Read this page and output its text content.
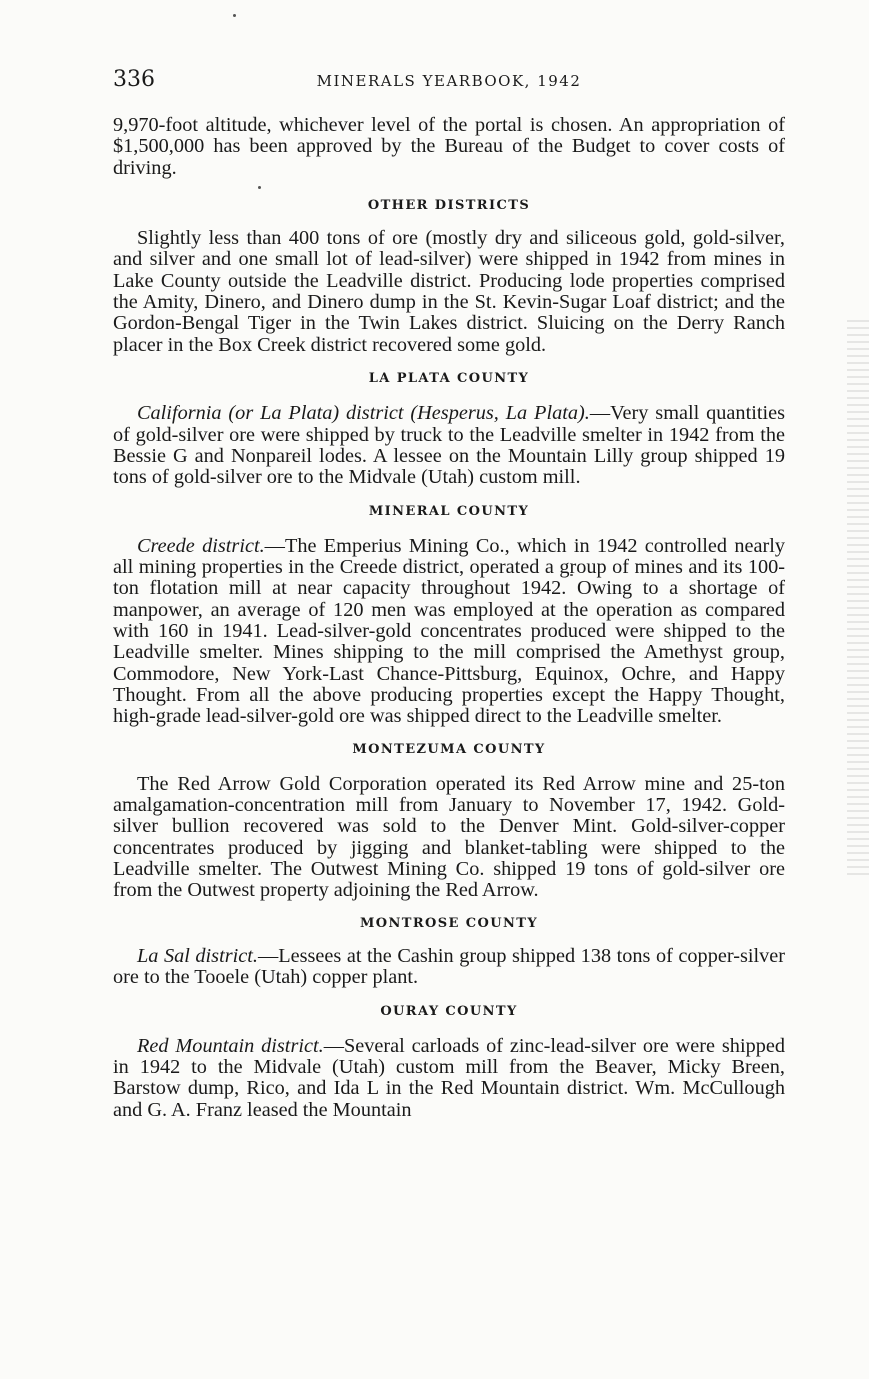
336	MINERALS YEARBOOK, 1942

9,970-foot altitude, whichever level of the portal is chosen. An appropriation of $1,500,000 has been approved by the Bureau of the Budget to cover costs of driving.

OTHER DISTRICTS

Slightly less than 400 tons of ore (mostly dry and siliceous gold, gold-silver, and silver and one small lot of lead-silver) were shipped in 1942 from mines in Lake County outside the Leadville district. Producing lode properties comprised the Amity, Dinero, and Dinero dump in the St. Kevin-Sugar Loaf district; and the Gordon-Bengal Tiger in the Twin Lakes district. Sluicing on the Derry Ranch placer in the Box Creek district recovered some gold.

LA PLATA COUNTY

California (or La Plata) district (Hesperus, La Plata).—Very small quantities of gold-silver ore were shipped by truck to the Leadville smelter in 1942 from the Bessie G and Nonpareil lodes. A lessee on the Mountain Lilly group shipped 19 tons of gold-silver ore to the Midvale (Utah) custom mill.

MINERAL COUNTY

Creede district.—The Emperius Mining Co., which in 1942 controlled nearly all mining properties in the Creede district, operated a group of mines and its 100-ton flotation mill at near capacity throughout 1942. Owing to a shortage of manpower, an average of 120 men was employed at the operation as compared with 160 in 1941. Lead-silver-gold concentrates produced were shipped to the Leadville smelter. Mines shipping to the mill comprised the Amethyst group, Commodore, New York-Last Chance-Pittsburg, Equinox, Ochre, and Happy Thought. From all the above producing properties except the Happy Thought, high-grade lead-silver-gold ore was shipped direct to the Leadville smelter.

MONTEZUMA COUNTY

The Red Arrow Gold Corporation operated its Red Arrow mine and 25-ton amalgamation-concentration mill from January to November 17, 1942. Gold-silver bullion recovered was sold to the Denver Mint. Gold-silver-copper concentrates produced by jigging and blanket-tabling were shipped to the Leadville smelter. The Outwest Mining Co. shipped 19 tons of gold-silver ore from the Outwest property adjoining the Red Arrow.

MONTROSE COUNTY

La Sal district.—Lessees at the Cashin group shipped 138 tons of copper-silver ore to the Tooele (Utah) copper plant.

OURAY COUNTY

Red Mountain district.—Several carloads of zinc-lead-silver ore were shipped in 1942 to the Midvale (Utah) custom mill from the Beaver, Micky Breen, Barstow dump, Rico, and Ida L in the Red Mountain district. Wm. McCullough and G. A. Franz leased the Mountain
